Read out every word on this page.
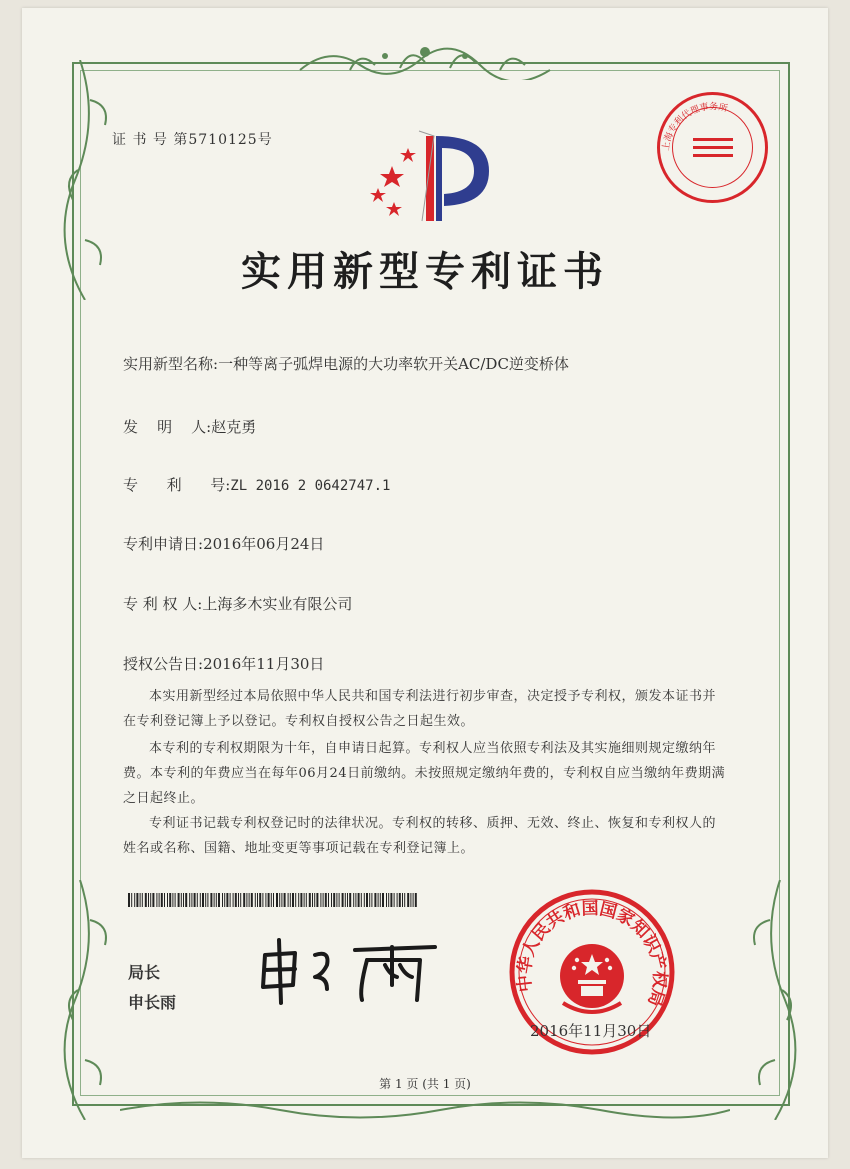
证 书 号 第5710125号
实用新型专利证书
实用新型名称:一种等离子弧焊电源的大功率软开关AC/DC逆变桥体
发    明    人:赵克勇
专      利      号:ZL 2016 2 0642747.1
专利申请日:2016年06月24日
专 利 权 人:上海多木实业有限公司
授权公告日:2016年11月30日
本实用新型经过本局依照中华人民共和国专利法进行初步审查，决定授予专利权，颁发本证书并在专利登记簿上予以登记。专利权自授权公告之日起生效。
本专利的专利权期限为十年，自申请日起算。专利权人应当依照专利法及其实施细则规定缴纳年费。本专利的年费应当在每年06月24日前缴纳。未按照规定缴纳年费的，专利权自应当缴纳年费期满之日起终止。
专利证书记载专利权登记时的法律状况。专利权的转移、质押、无效、终止、恢复和专利权人的姓名或名称、国籍、地址变更等事项记载在专利登记簿上。
局长
申长雨
中华人民共和国国家知识产权局
2016年11月30日
上海专利代理事务所
第 1 页 (共 1 页)
